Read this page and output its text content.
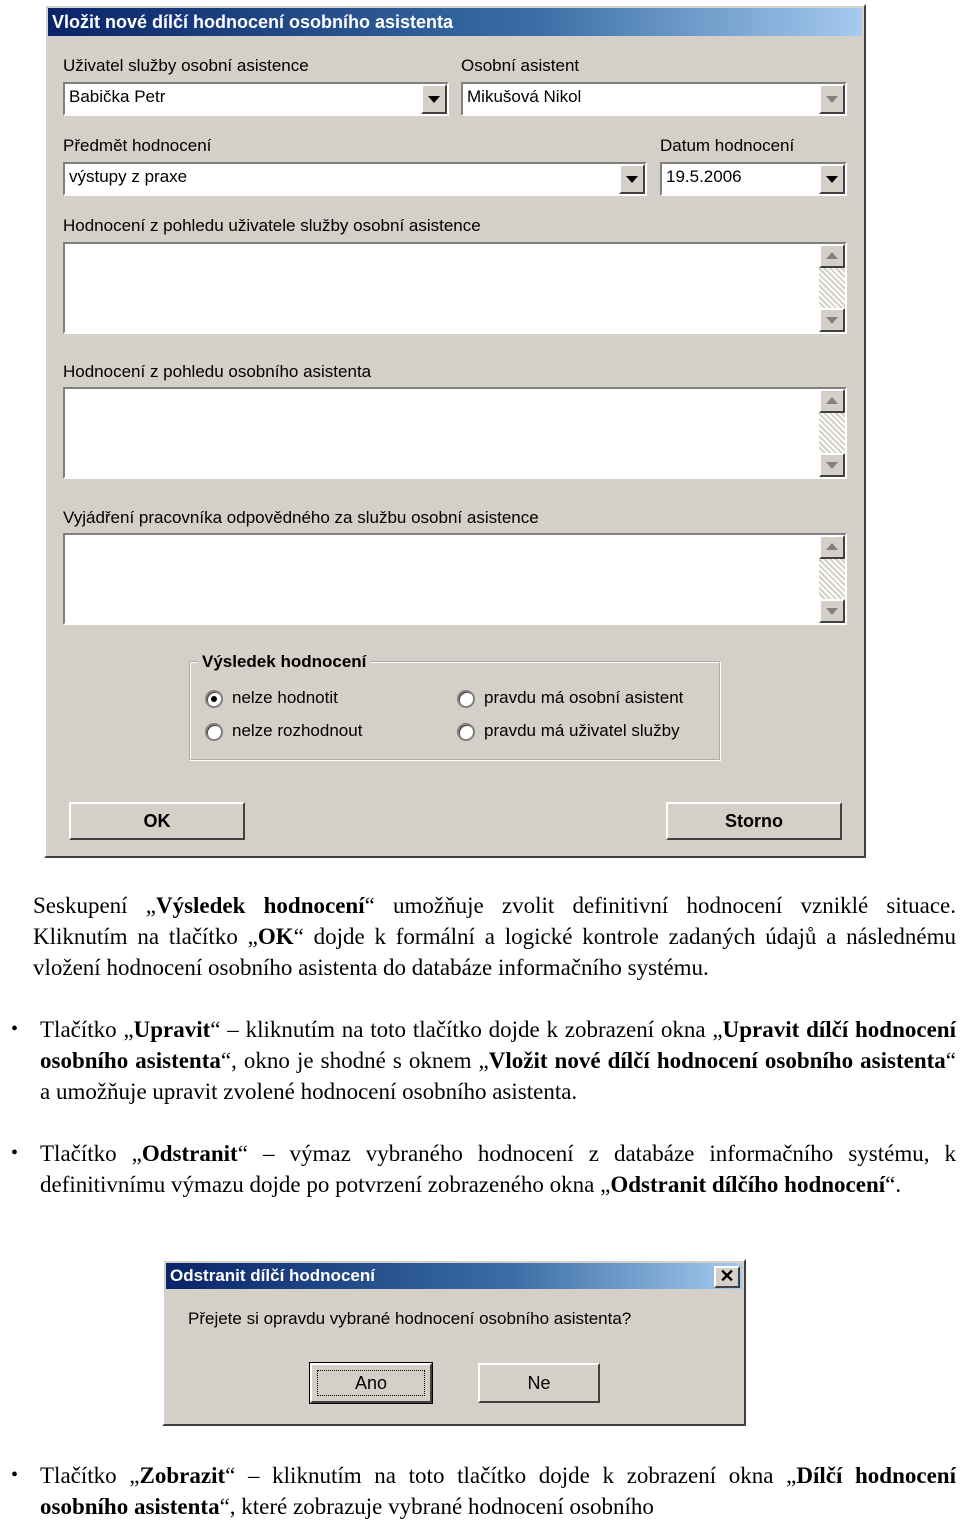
Vložit nové dílčí hodnocení osobního asistenta
Uživatel služby osobní asistence
Babička Petr
Osobní asistent
Mikušová Nikol
Předmět hodnocení
výstupy z praxe
Datum hodnocení
19.5.2006
Hodnocení z pohledu uživatele služby osobní asistence
Hodnocení z pohledu osobního asistenta
Vyjádření pracovníka odpovědného za službu osobní asistence
Výsledek hodnocení
nelze hodnotit	pravdu má osobní asistent
nelze rozhodnout	pravdu má uživatel služby
OK	Storno
Seskupení „Výsledek hodnocení“ umožňuje zvolit definitivní hodnocení vzniklé situace. Kliknutím na tlačítko „OK“ dojde k formální a logické kontrole zadaných údajů a následnému vložení hodnocení osobního asistenta do databáze informačního systému.
• Tlačítko „Upravit“ – kliknutím na toto tlačítko dojde k zobrazení okna „Upravit dílčí hodnocení osobního asistenta“, okno je shodné s oknem „Vložit nové dílčí hodnocení osobního asistenta“ a umožňuje upravit zvolené hodnocení osobního asistenta.
• Tlačítko „Odstranit“ – výmaz vybraného hodnocení z databáze informačního systému, k definitivnímu výmazu dojde po potvrzení zobrazeného okna „Odstranit dílčího hodnocení“.
Odstranit dílčí hodnocení	✕
Přejete si opravdu vybrané hodnocení osobního asistenta?
Ano	Ne
• Tlačítko „Zobrazit“ – kliknutím na toto tlačítko dojde k zobrazení okna „Dílčí hodnocení osobního asistenta“, které zobrazuje vybrané hodnocení osobního
